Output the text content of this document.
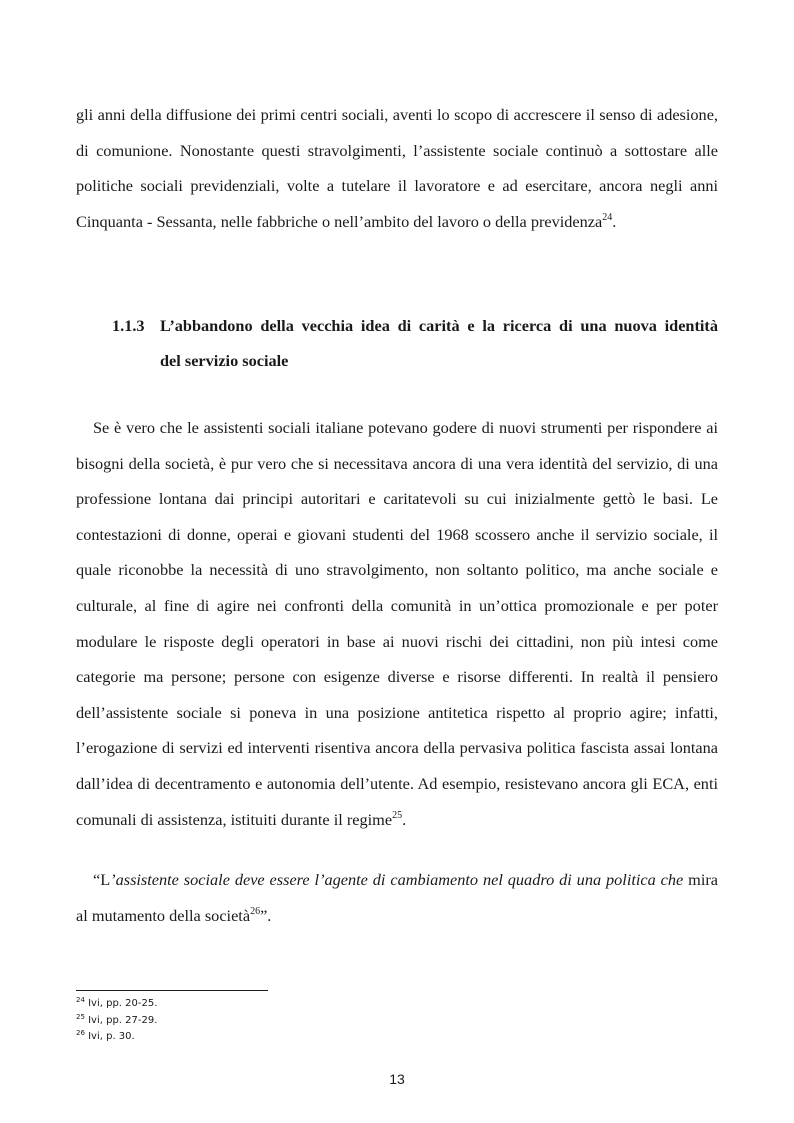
gli anni della diffusione dei primi centri sociali, aventi lo scopo di accrescere il senso di adesione, di comunione. Nonostante questi stravolgimenti, l’assistente sociale continuò a sottostare alle politiche sociali previdenziali, volte a tutelare il lavoratore e ad esercitare, ancora negli anni Cinquanta - Sessanta, nelle fabbriche o nell’ambito del lavoro o della previdenza$^{24}$.

1.1.3 L’abbandono della vecchia idea di carità e la ricerca di una nuova identità
del servizio sociale

Se è vero che le assistenti sociali italiane potevano godere di nuovi strumenti per rispondere ai bisogni della società, è pur vero che si necessitava ancora di una vera identità del servizio, di una professione lontana dai principi autoritari e caritatevoli su cui inizialmente gettò le basi. Le contestazioni di donne, operai e giovani studenti del 1968 scossero anche il servizio sociale, il quale riconobbe la necessità di uno stravolgimento, non soltanto politico, ma anche sociale e culturale, al fine di agire nei confronti della comunità in un’ottica promozionale e per poter modulare le risposte degli operatori in base ai nuovi rischi dei cittadini, non più intesi come categorie ma persone; persone con esigenze diverse e risorse differenti. In realtà il pensiero dell’assistente sociale si poneva in una posizione antitetica rispetto al proprio agire; infatti, l’erogazione di servizi ed interventi risentiva ancora della pervasiva politica fascista assai lontana dall’idea di decentramento e autonomia dell’utente. Ad esempio, resistevano ancora gli ECA, enti comunali di assistenza, istituiti durante il regime$^{25}$.

“L’assistente sociale deve essere l’agente di cambiamento nel quadro di una politica che mira al mutamento della società$^{26}$”.

$^{24}$ Ivi, pp. 20-25.
$^{25}$ Ivi, pp. 27-29.
$^{26}$ Ivi, p. 30.
13
